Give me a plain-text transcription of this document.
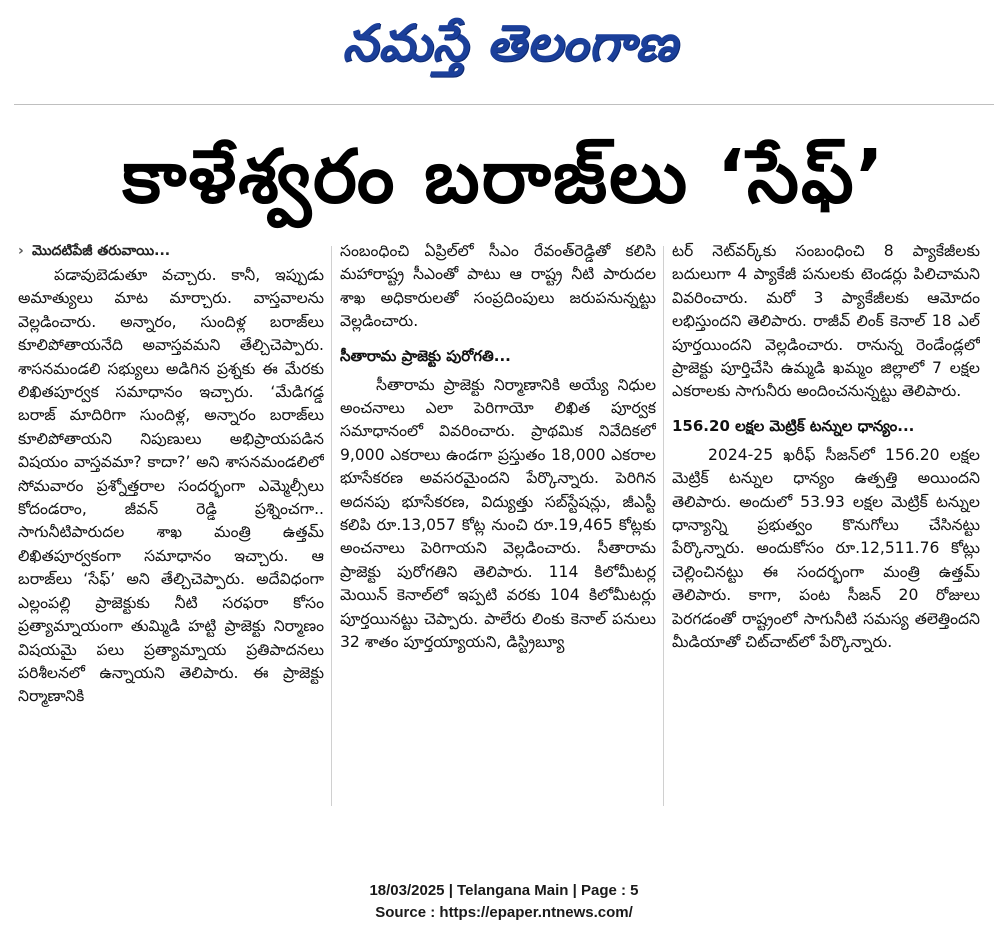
నమస్తే తెలంగాణ
కాళేశ్వరం బరాజ్‌లు ‘సేఫ్‌’
› మొదటిపేజీ తరువాయి...

పడావుబెడుతూ వచ్చారు. కానీ, ఇప్పుడు అమాత్యులు మాట మార్చారు. వాస్తవాలను వెల్లడించారు. అన్నారం, సుందిళ్ల బరాజ్‌లు కూలిపోతాయనేది అవాస్తవమని తేల్చిచెప్పారు. శాసనమండలి సభ్యులు అడిగిన ప్రశ్నకు ఈ మేరకు లిఖితపూర్వక సమాధానం ఇచ్చారు. ‘మేడిగడ్డ బరాజ్‌ మాదిరిగా సుందిళ్ల, అన్నారం బరాజ్‌లు కూలిపోతాయని నిపుణులు అభిప్రాయపడిన విషయం వాస్తవమా? కాదా?’ అని శాసనమండలిలో సోమవారం ప్రశ్నోత్తరాల సందర్భంగా ఎమ్మెల్సీలు కోదండరాం, జీవన్‌ రెడ్డి ప్రశ్నించగా.. సాగునీటిపారుదల శాఖ మంత్రి ఉత్తమ్‌ లిఖితపూర్వకంగా సమాధానం ఇచ్చారు. ఆ బరాజ్‌లు ‘సేఫ్‌’ అని తేల్చిచెప్పారు. అదేవిధంగా ఎల్లంపల్లి ప్రాజెక్టుకు నీటి సరఫరా కోసం ప్రత్యామ్నాయంగా తుమ్మిడి హట్టి ప్రాజెక్టు నిర్మాణం విషయమై పలు ప్రత్యామ్నాయ ప్రతిపాదనలు పరిశీలనలో ఉన్నాయని తెలిపారు. ఈ ప్రాజెక్టు నిర్మాణానికి

సంబంధించి ఏప్రిల్‌లో సీఎం రేవంత్‌రెడ్డితో కలిసి మహారాష్ట్ర సీఎంతో పాటు ఆ రాష్ట్ర నీటి పారుదల శాఖ అధికారులతో సంప్రదింపులు జరుపనున్నట్టు వెల్లడించారు.

సీతారామ ప్రాజెక్టు పురోగతి...

సీతారామ ప్రాజెక్టు నిర్మాణానికి అయ్యే నిధుల అంచనాలు ఎలా పెరిగాయో లిఖిత పూర్వక సమాధానంలో వివరించారు. ప్రాథమిక నివేదికలో 9,000 ఎకరాలు ఉండగా ప్రస్తుతం 18,000 ఎకరాల భూసేకరణ అవసరమైందని పేర్కొన్నారు. పెరిగిన అదనపు భూసేకరణ, విద్యుత్తు సబ్‌స్టేషన్లు, జీఎస్టీ కలిపి రూ.13,057 కోట్ల నుంచి రూ.19,465 కోట్లకు అంచనాలు పెరిగాయని వెల్లడించారు. సీతారామ ప్రాజెక్టు పురోగతిని తెలిపారు. 114 కిలోమీటర్ల మెయిన్‌ కెనాల్‌లో ఇప్పటి వరకు 104 కిలోమీటర్లు పూర్తయినట్టు చెప్పారు. పాలేరు లింకు కెనాల్‌ పనులు 32 శాతం పూర్తయ్యాయని, డిస్ట్రిబ్యూ

టర్‌ నెట్‌వర్క్‌కు సంబంధించి 8 ప్యాకేజీలకు బదులుగా 4 ప్యాకేజీ పనులకు టెండర్లు పిలిచామని వివరించారు. మరో 3 ప్యాకేజీలకు ఆమోదం లభిస్తుందని తెలిపారు. రాజీవ్‌ లింక్‌ కెనాల్‌ 18 ఎల్‌ పూర్తయిందని వెల్లడించారు. రానున్న రెండేండ్లలో ప్రాజెక్టు పూర్తిచేసి ఉమ్మడి ఖమ్మం జిల్లాలో 7 లక్షల ఎకరాలకు సాగునీరు అందించనున్నట్టు తెలిపారు.

156.20 లక్షల మెట్రిక్‌ టన్నుల ధాన్యం...

2024-25 ఖరీఫ్‌ సీజన్‌లో 156.20 లక్షల మెట్రిక్‌ టన్నుల ధాన్యం ఉత్పత్తి అయిందని తెలిపారు. అందులో 53.93 లక్షల మెట్రిక్‌ టన్నుల ధాన్యాన్ని ప్రభుత్వం కొనుగోలు చేసినట్టు పేర్కొన్నారు. అందుకోసం రూ.12,511.76 కోట్లు చెల్లించినట్టు ఈ సందర్భంగా మంత్రి ఉత్తమ్‌ తెలిపారు. కాగా, పంట సీజన్‌ 20 రోజులు పెరగడంతో రాష్ట్రంలో సాగునీటి సమస్య తలెత్తిందని మీడియాతో చిట్‌చాట్‌లో పేర్కొన్నారు.

18/03/2025 | Telangana Main | Page : 5
Source : https://epaper.ntnews.com/
